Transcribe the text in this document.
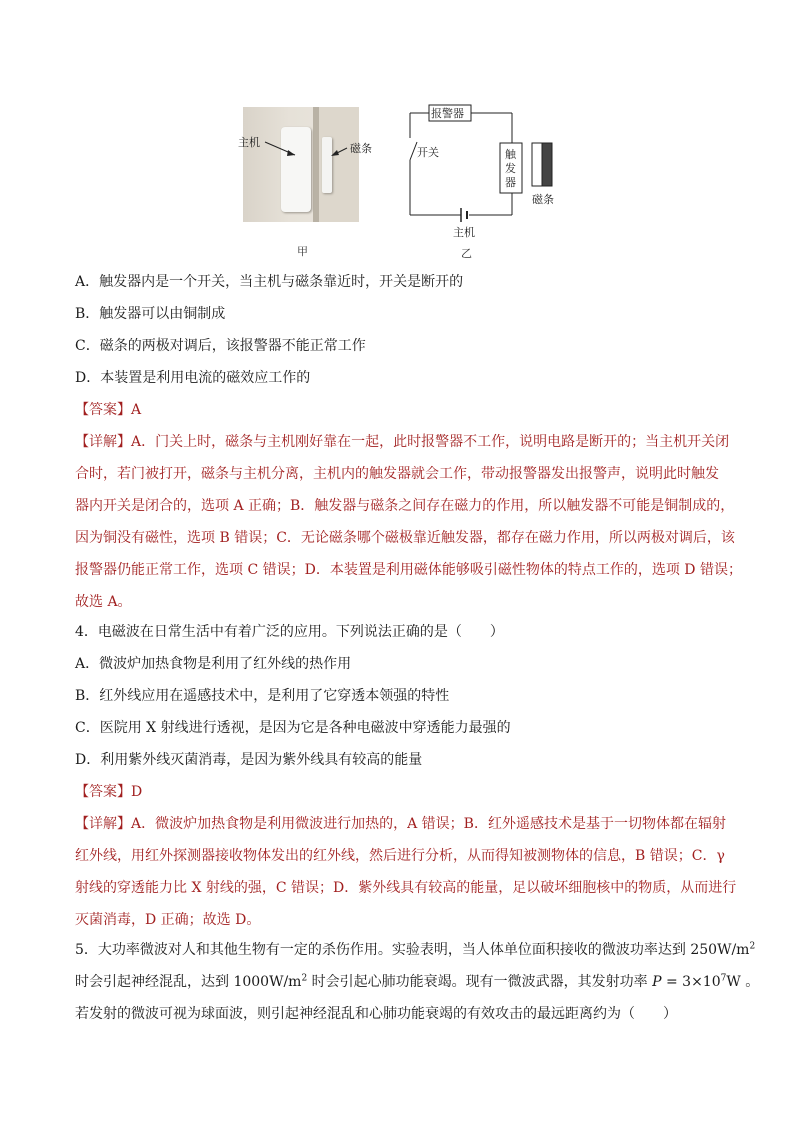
主机	磁条
报警器
开关	触
发
器
磁条
主机
甲	乙
A．触发器内是一个开关，当主机与磁条靠近时，开关是断开的
B．触发器可以由铜制成
C．磁条的两极对调后，该报警器不能正常工作
D．本装置是利用电流的磁效应工作的
【答案】A
【详解】A．门关上时，磁条与主机刚好靠在一起，此时报警器不工作，说明电路是断开的；当主机开关闭
合时，若门被打开，磁条与主机分离，主机内的触发器就会工作，带动报警器发出报警声，说明此时触发
器内开关是闭合的，选项 A 正确；B．触发器与磁条之间存在磁力的作用，所以触发器不可能是铜制成的，
因为铜没有磁性，选项 B 错误；C．无论磁条哪个磁极靠近触发器，都存在磁力作用，所以两极对调后，该
报警器仍能正常工作，选项 C 错误；D．本装置是利用磁体能够吸引磁性物体的特点工作的，选项 D 错误；
故选 A。
4．电磁波在日常生活中有着广泛的应用。下列说法正确的是（　　）
A．微波炉加热食物是利用了红外线的热作用
B．红外线应用在遥感技术中，是利用了它穿透本领强的特性
C．医院用 X 射线进行透视，是因为它是各种电磁波中穿透能力最强的
D．利用紫外线灭菌消毒，是因为紫外线具有较高的能量
【答案】D
【详解】A．微波炉加热食物是利用微波进行加热的，A 错误；B．红外遥感技术是基于一切物体都在辐射
红外线，用红外探测器接收物体发出的红外线，然后进行分析，从而得知被测物体的信息，B 错误；C．γ
射线的穿透能力比 X 射线的强，C 错误；D．紫外线具有较高的能量，足以破坏细胞核中的物质，从而进行
灭菌消毒，D 正确；故选 D。
5．大功率微波对人和其他生物有一定的杀伤作用。实验表明，当人体单位面积接收的微波功率达到 $250W/m^2$
时会引起神经混乱，达到 $1000W/m^2$ 时会引起心肺功能衰竭。现有一微波武器，其发射功率 $P = 3\times 10^7W$ 。
若发射的微波可视为球面波，则引起神经混乱和心肺功能衰竭的有效攻击的最远距离约为（　　）
